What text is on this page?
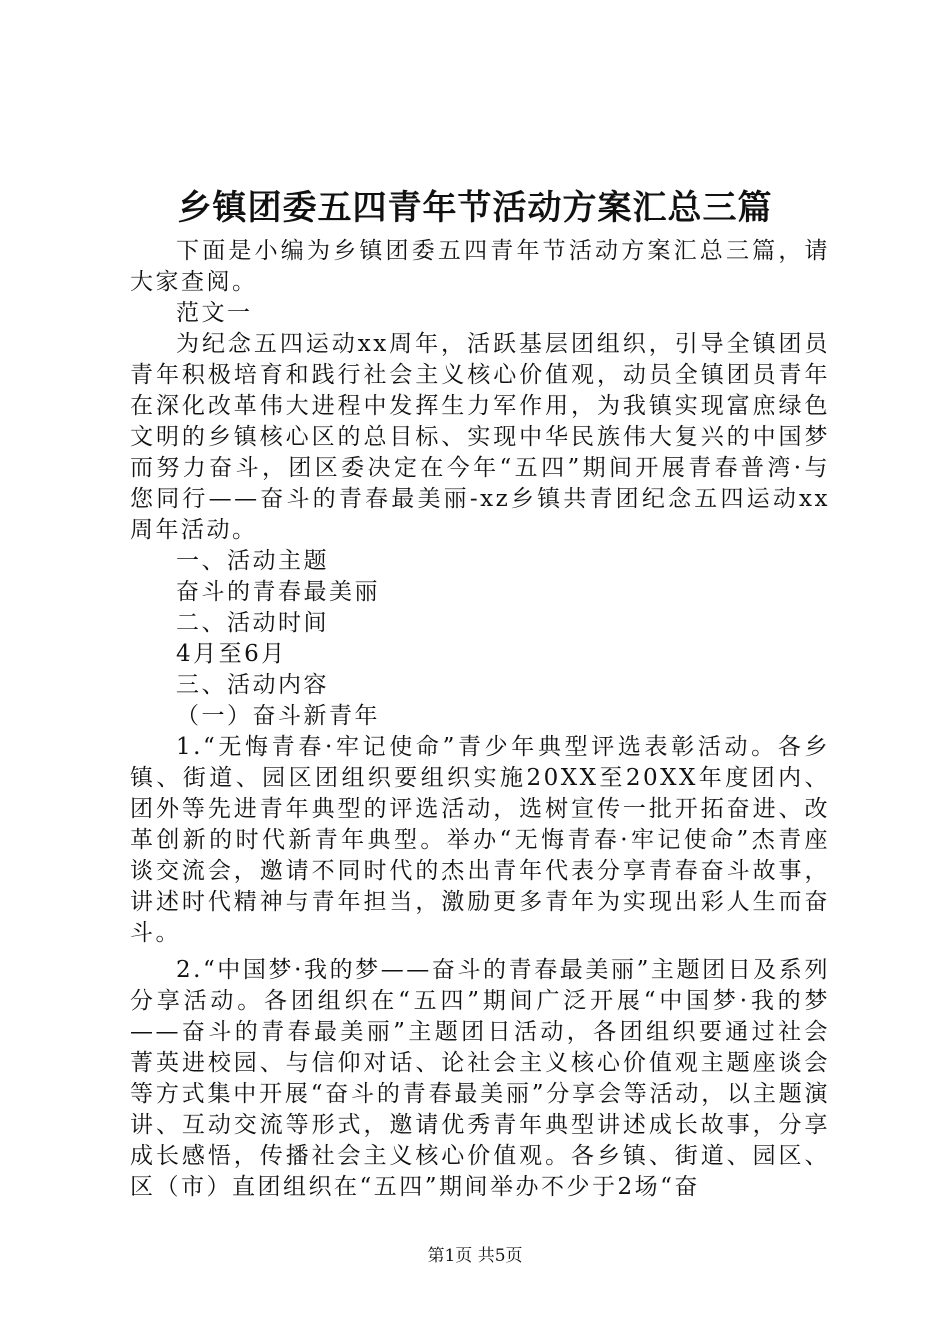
乡镇团委五四青年节活动方案汇总三篇

下面是小编为乡镇团委五四青年节活动方案汇总三篇，请大家查阅。

范文一

为纪念五四运动xx周年，活跃基层团组织，引导全镇团员青年积极培育和践行社会主义核心价值观，动员全镇团员青年在深化改革伟大进程中发挥生力军作用，为我镇实现富庶绿色文明的乡镇核心区的总目标、实现中华民族伟大复兴的中国梦而努力奋斗，团区委决定在今年“五四”期间开展青春普湾·与您同行——奋斗的青春最美丽-xz乡镇共青团纪念五四运动xx周年活动。

一、活动主题

奋斗的青春最美丽

二、活动时间

4月至6月

三、活动内容

（一）奋斗新青年

1.“无悔青春·牢记使命”青少年典型评选表彰活动。各乡镇、街道、园区团组织要组织实施20XX至20XX年度团内、团外等先进青年典型的评选活动，选树宣传一批开拓奋进、改革创新的时代新青年典型。举办“无悔青春·牢记使命”杰青座谈交流会，邀请不同时代的杰出青年代表分享青春奋斗故事，讲述时代精神与青年担当，激励更多青年为实现出彩人生而奋斗。

2.“中国梦·我的梦——奋斗的青春最美丽”主题团日及系列分享活动。各团组织在“五四”期间广泛开展“中国梦·我的梦——奋斗的青春最美丽”主题团日活动，各团组织要通过社会菁英进校园、与信仰对话、论社会主义核心价值观主题座谈会等方式集中开展“奋斗的青春最美丽”分享会等活动，以主题演讲、互动交流等形式，邀请优秀青年典型讲述成长故事，分享成长感悟，传播社会主义核心价值观。各乡镇、街道、园区、区（市）直团组织在“五四”期间举办不少于2场“奋

第1页 共5页
